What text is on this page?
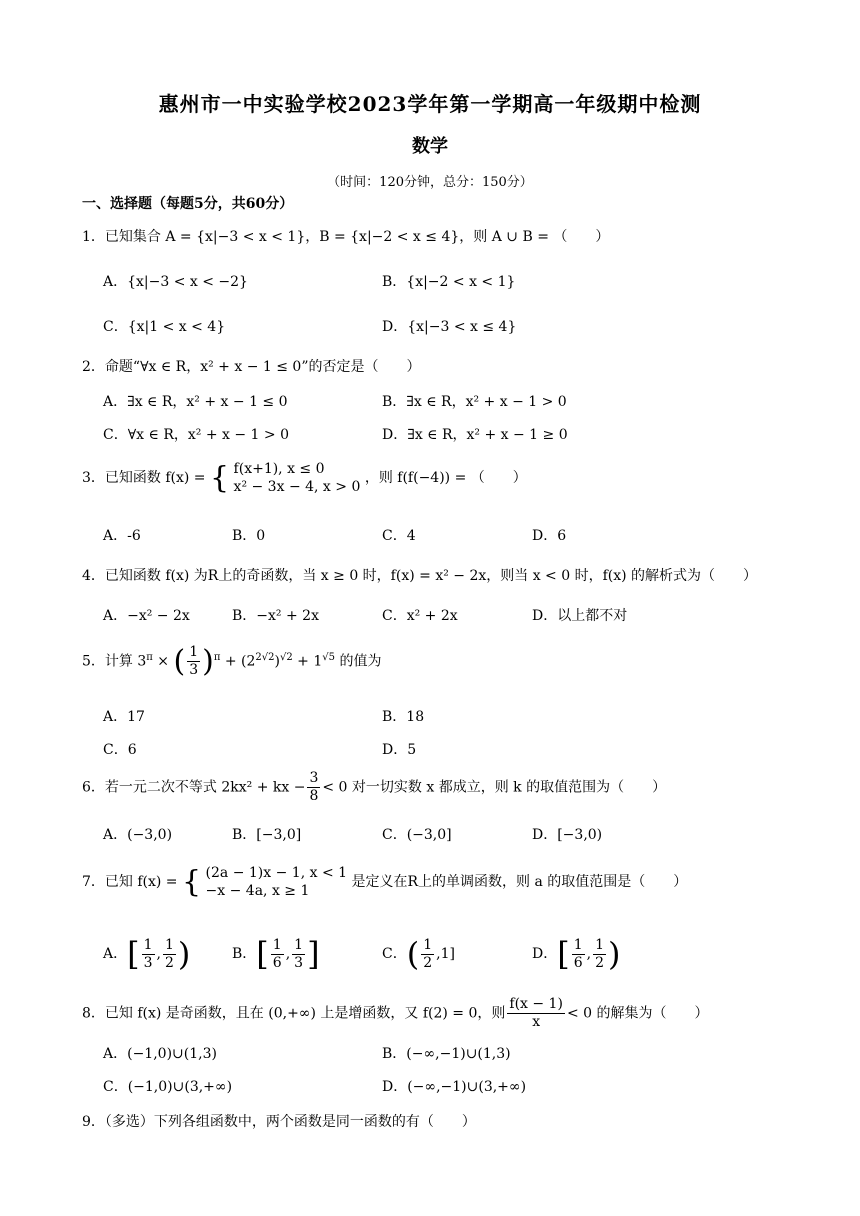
惠州市一中实验学校2023学年第一学期高一年级期中检测
数学
（时间：120分钟，总分：150分）
一、选择题（每题5分，共60分）
1．已知集合 A = {x|−3 < x < 1}，B = {x|−2 < x ≤ 4}，则 A ∪ B = （　　）
A．{x|−3 < x < −2}	B．{x|−2 < x < 1}
C．{x|1 < x < 4}	D．{x|−3 < x ≤ 4}
2．命题“∀x ∈ R，x² + x − 1 ≤ 0”的否定是（　　）
A．∃x ∈ R，x² + x − 1 ≤ 0	B．∃x ∈ R，x² + x − 1 > 0
C．∀x ∈ R，x² + x − 1 > 0	D．∃x ∈ R，x² + x − 1 ≥ 0
3．已知函数 f(x) = { f(x+1), x ≤ 0
x² − 3x − 4, x > 0
，则 f(f(−4)) = （　　）
A．-6	B．0	C．4	D．6
4．已知函数 f(x) 为R上的奇函数，当 x ≥ 0 时，f(x) = x² − 2x，则当 x < 0 时，f(x) 的解析式为（　　）
A．−x² − 2x	B．−x² + 2x	C．x² + 2x	D．以上都不对
5．计算 $3^\pi$ × ( $\frac{1}{3} )^\pi + (2^{2√2})^{√2} + 1^{√5}$ 的值为
A．17	B．18
C．6	D．5
6．若一元二次不等式 2kx² + kx − $\frac{3}{8} < 0$ 对一切实数 x 都成立，则 k 的取值范围为（　　）
A．(−3,0)	B．[−3,0]	C．(−3,0]	D．[−3,0)
7．已知 f(x) = { (2a − 1)x − 1, x < 1
−x − 4a, x ≥ 1
是定义在R上的单调函数，则 a 的取值范围是（　　）
A．[ $\frac{1}{3}$ , $\frac{1}{2}$ )	B．[ $\frac{1}{6}$ , $\frac{1}{3}$ ]	C．( $\frac{1}{2} ,1$]	D．[ $\frac{1}{6}$ , $\frac{1}{2}$ )
8．已知 f(x) 是奇函数，且在 (0,+∞) 上是增函数，又 f(2) = 0，则 $\frac{f(x - 1)}{x} < 0$ 的解集为（　　）
A．(−1,0)∪(1,3)	B．(−∞,−1)∪(1,3)
C．(−1,0)∪(3,+∞)	D．(−∞,−1)∪(3,+∞)
9．（多选）下列各组函数中，两个函数是同一函数的有（　　）
